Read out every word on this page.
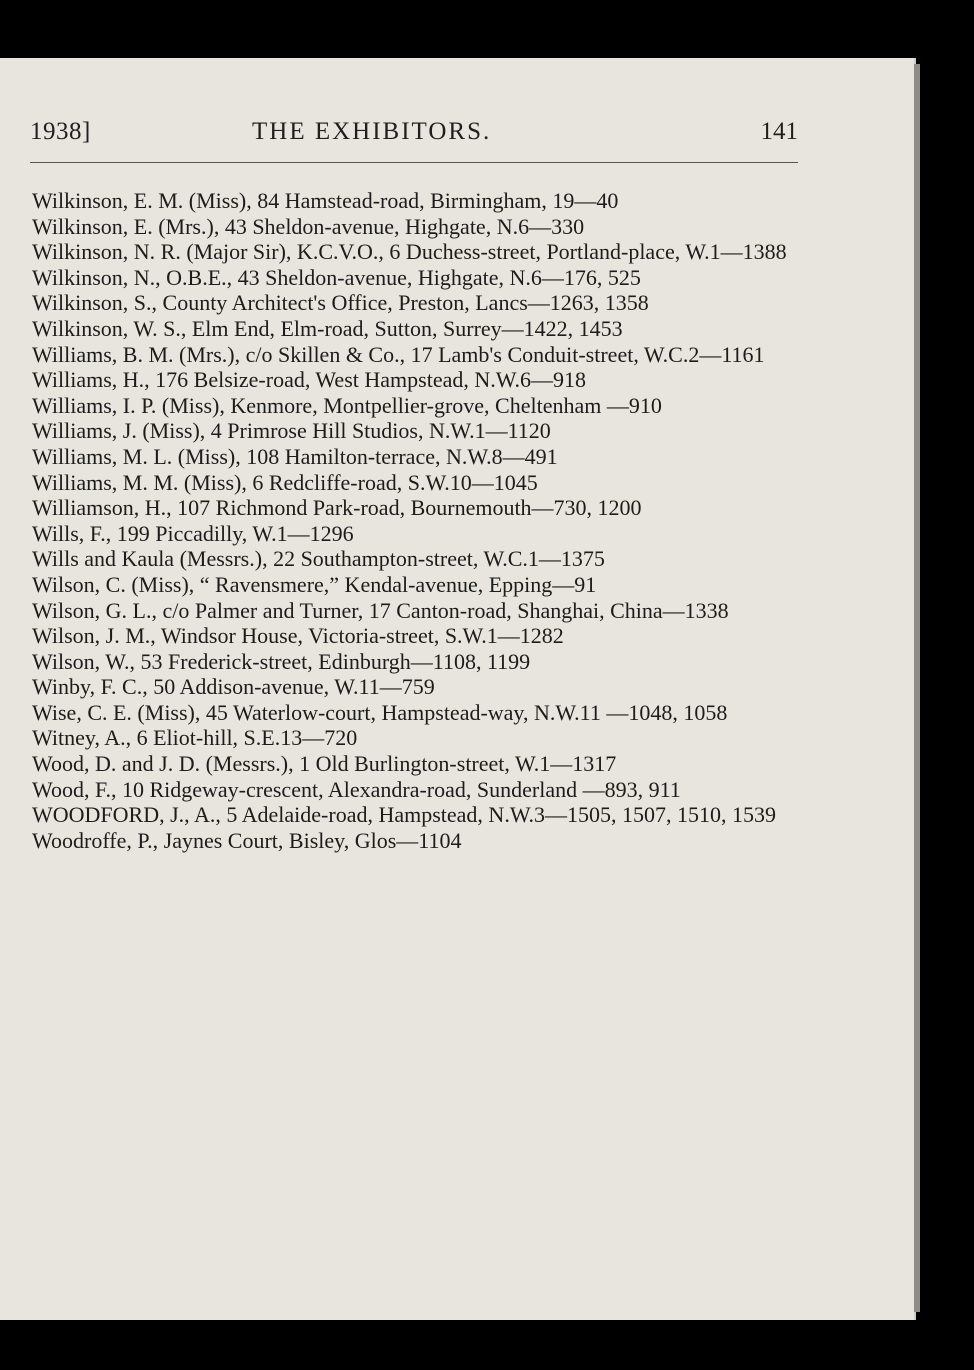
1938]	THE EXHIBITORS.	141
Wilkinson, E. M. (Miss), 84 Hamstead-road, Birmingham, 19—40
Wilkinson, E. (Mrs.), 43 Sheldon-avenue, Highgate, N.6—330
Wilkinson, N. R. (Major Sir), K.C.V.O., 6 Duchess-street, Portland-place, W.1—1388
Wilkinson, N., O.B.E., 43 Sheldon-avenue, Highgate, N.6—176, 525
Wilkinson, S., County Architect's Office, Preston, Lancs—1263, 1358
Wilkinson, W. S., Elm End, Elm-road, Sutton, Surrey—1422, 1453
Williams, B. M. (Mrs.), c/o Skillen & Co., 17 Lamb's Conduit-street, W.C.2—1161
Williams, H., 176 Belsize-road, West Hampstead, N.W.6—918
Williams, I. P. (Miss), Kenmore, Montpellier-grove, Cheltenham —910
Williams, J. (Miss), 4 Primrose Hill Studios, N.W.1—1120
Williams, M. L. (Miss), 108 Hamilton-terrace, N.W.8—491
Williams, M. M. (Miss), 6 Redcliffe-road, S.W.10—1045
Williamson, H., 107 Richmond Park-road, Bournemouth—730, 1200
Wills, F., 199 Piccadilly, W.1—1296
Wills and Kaula (Messrs.), 22 Southampton-street, W.C.1—1375
Wilson, C. (Miss), “ Ravensmere,” Kendal-avenue, Epping—91
Wilson, G. L., c/o Palmer and Turner, 17 Canton-road, Shanghai, China—1338
Wilson, J. M., Windsor House, Victoria-street, S.W.1—1282
Wilson, W., 53 Frederick-street, Edinburgh—1108, 1199
Winby, F. C., 50 Addison-avenue, W.11—759
Wise, C. E. (Miss), 45 Waterlow-court, Hampstead-way, N.W.11 —1048, 1058
Witney, A., 6 Eliot-hill, S.E.13—720
Wood, D. and J. D. (Messrs.), 1 Old Burlington-street, W.1—1317
Wood, F., 10 Ridgeway-crescent, Alexandra-road, Sunderland —893, 911
WOODFORD, J., A., 5 Adelaide-road, Hampstead, N.W.3—1505, 1507, 1510, 1539
Woodroffe, P., Jaynes Court, Bisley, Glos—1104
